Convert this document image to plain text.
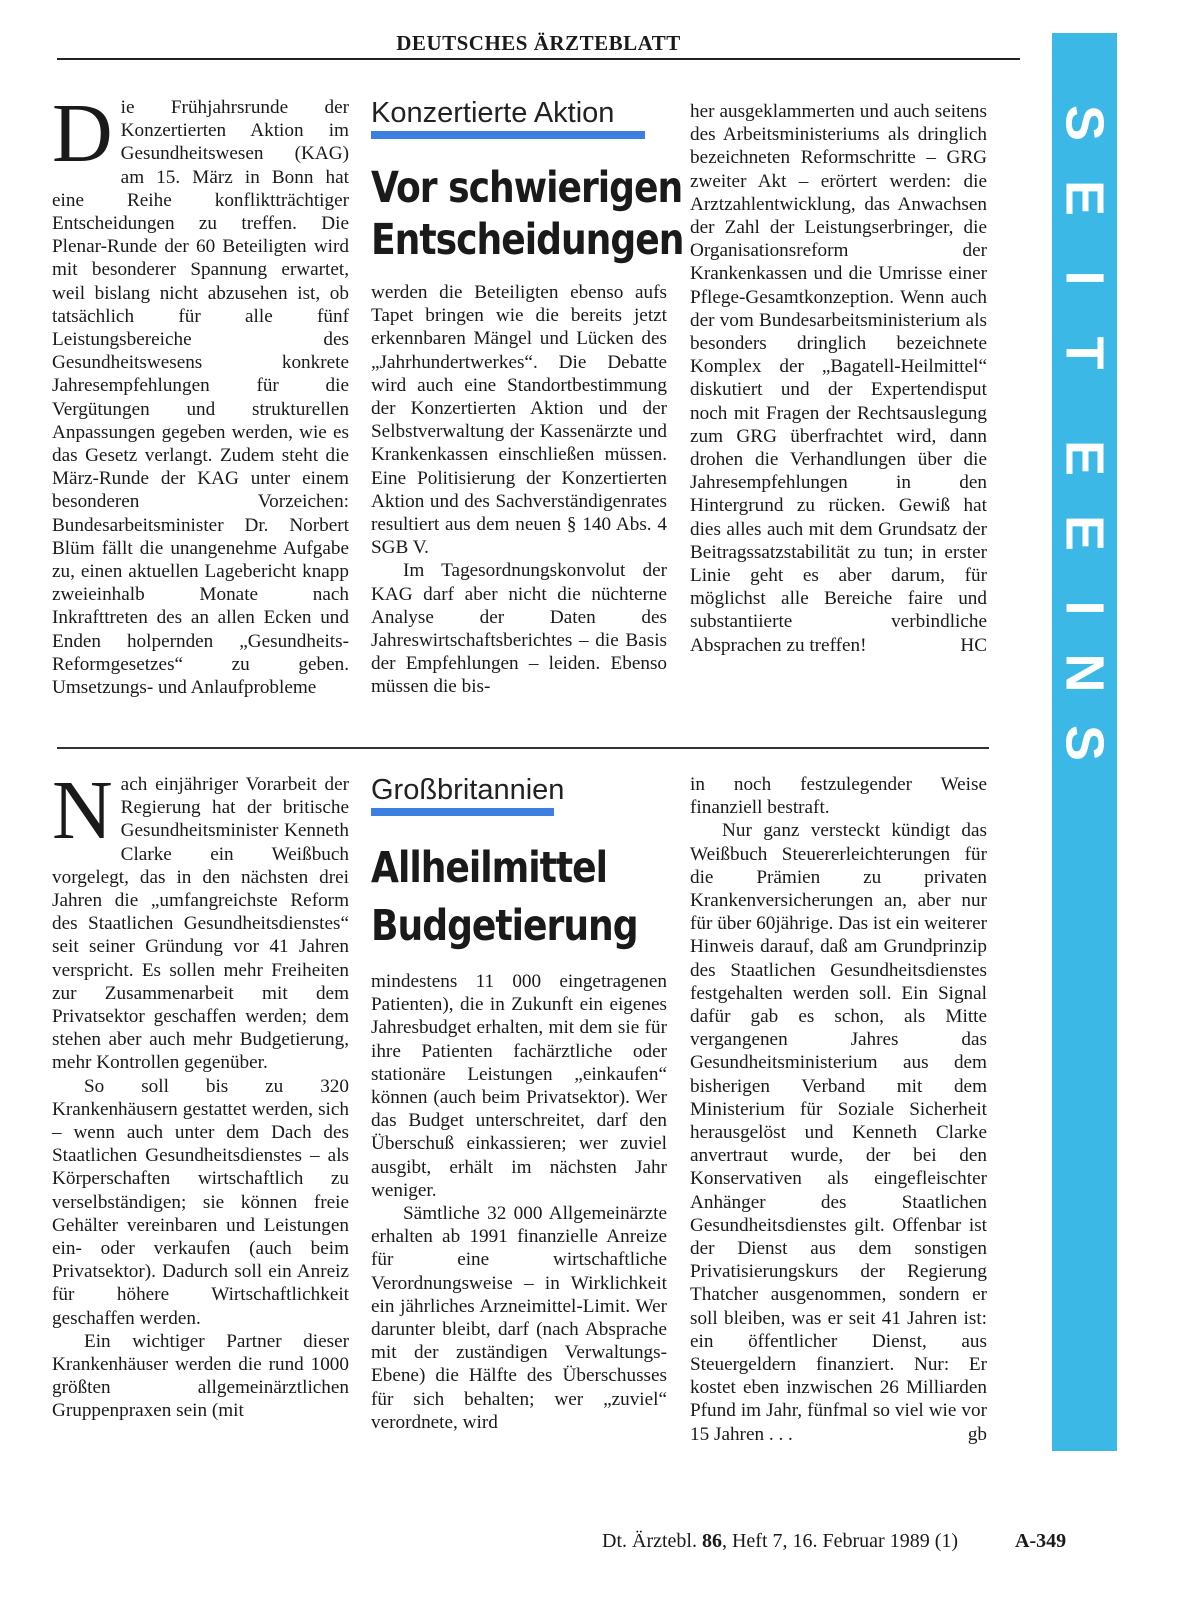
DEUTSCHES ÄRZTEBLATT
S
E
I
T
E
E
I
N
S
D ie Frühjahrsrunde der Konzertierten Aktion im Gesundheitswesen (KAG) am 15. März in Bonn hat eine Reihe konfliktträchtiger Entscheidungen zu treffen. Die Plenar-Runde der 60 Beteiligten wird mit besonderer Spannung erwartet, weil bislang nicht abzusehen ist, ob tatsächlich für alle fünf Leistungsbereiche des Gesundheitswesens konkrete Jahresempfehlungen für die Vergütungen und strukturellen Anpassungen gegeben werden, wie es das Gesetz verlangt. Zudem steht die März-Runde der KAG unter einem besonderen Vorzeichen: Bundesarbeitsminister Dr. Norbert Blüm fällt die unangenehme Aufgabe zu, einen aktuellen Lagebericht knapp zweieinhalb Monate nach Inkrafttreten des an allen Ecken und Enden holpernden „Gesundheits-Reformgesetzes“ zu geben. Umsetzungs- und Anlaufprobleme

Konzertierte Aktion
Vor schwierigen
Entscheidungen

werden die Beteiligten ebenso aufs Tapet bringen wie die bereits jetzt erkennbaren Mängel und Lücken des „Jahrhundertwerkes“. Die Debatte wird auch eine Standortbestimmung der Konzertierten Aktion und der Selbstverwaltung der Kassenärzte und Krankenkassen einschließen müssen. Eine Politisierung der Konzertierten Aktion und des Sachverständigenrates resultiert aus dem neuen § 140 Abs. 4 SGB V.

Im Tagesordnungskonvolut der KAG darf aber nicht die nüchterne Analyse der Daten des Jahreswirtschaftsberichtes – die Basis der Empfehlungen – leiden. Ebenso müssen die bis-

her ausgeklammerten und auch seitens des Arbeitsministeriums als dringlich bezeichneten Reformschritte – GRG zweiter Akt – erörtert werden: die Arztzahlentwicklung, das Anwachsen der Zahl der Leistungserbringer, die Organisationsreform der Krankenkassen und die Umrisse einer Pflege-Gesamtkonzeption. Wenn auch der vom Bundesarbeitsministerium als besonders dringlich bezeichnete Komplex der „Bagatell-Heilmittel“ diskutiert und der Expertendisput noch mit Fragen der Rechtsauslegung zum GRG überfrachtet wird, dann drohen die Verhandlungen über die Jahresempfehlungen in den Hintergrund zu rücken. Gewiß hat dies alles auch mit dem Grundsatz der Beitragssatzstabilität zu tun; in erster Linie geht es aber darum, für möglichst alle Bereiche faire und substantiierte verbindliche Absprachen zu treffen!	HC

N ach einjähriger Vorarbeit der Regierung hat der britische Gesundheitsminister Kenneth Clarke ein Weißbuch vorgelegt, das in den nächsten drei Jahren die „umfangreichste Reform des Staatlichen Gesundheitsdienstes“ seit seiner Gründung vor 41 Jahren verspricht. Es sollen mehr Freiheiten zur Zusammenarbeit mit dem Privatsektor geschaffen werden; dem stehen aber auch mehr Budgetierung, mehr Kontrollen gegenüber.

So soll bis zu 320 Krankenhäusern gestattet werden, sich – wenn auch unter dem Dach des Staatlichen Gesundheitsdienstes – als Körperschaften wirtschaftlich zu verselbständigen; sie können freie Gehälter vereinbaren und Leistungen ein- oder verkaufen (auch beim Privatsektor). Dadurch soll ein Anreiz für höhere Wirtschaftlichkeit geschaffen werden.

Ein wichtiger Partner dieser Krankenhäuser werden die rund 1000 größten allgemeinärztlichen Gruppenpraxen sein (mit

Großbritannien
Allheilmittel
Budgetierung

mindestens 11 000 eingetragenen Patienten), die in Zukunft ein eigenes Jahresbudget erhalten, mit dem sie für ihre Patienten fachärztliche oder stationäre Leistungen „einkaufen“ können (auch beim Privatsektor). Wer das Budget unterschreitet, darf den Überschuß einkassieren; wer zuviel ausgibt, erhält im nächsten Jahr weniger.

Sämtliche 32 000 Allgemeinärzte erhalten ab 1991 finanzielle Anreize für eine wirtschaftliche Verordnungsweise – in Wirklichkeit ein jährliches Arzneimittel-Limit. Wer darunter bleibt, darf (nach Absprache mit der zuständigen Verwaltungs-Ebene) die Hälfte des Überschusses für sich behalten; wer „zuviel“ verordnete, wird

in noch festzulegender Weise finanziell bestraft.

Nur ganz versteckt kündigt das Weißbuch Steuererleichterungen für die Prämien zu privaten Krankenversicherungen an, aber nur für über 60jährige. Das ist ein weiterer Hinweis darauf, daß am Grundprinzip des Staatlichen Gesundheitsdienstes festgehalten werden soll. Ein Signal dafür gab es schon, als Mitte vergangenen Jahres das Gesundheitsministerium aus dem bisherigen Verband mit dem Ministerium für Soziale Sicherheit herausgelöst und Kenneth Clarke anvertraut wurde, der bei den Konservativen als eingefleischter Anhänger des Staatlichen Gesundheitsdienstes gilt. Offenbar ist der Dienst aus dem sonstigen Privatisierungskurs der Regierung Thatcher ausgenommen, sondern er soll bleiben, was er seit 41 Jahren ist: ein öffentlicher Dienst, aus Steuergeldern finanziert. Nur: Er kostet eben inzwischen 26 Milliarden Pfund im Jahr, fünfmal so viel wie vor 15 Jahren . . .	gb

Dt. Ärztebl. 86, Heft 7, 16. Februar 1989 (1)	A-349
